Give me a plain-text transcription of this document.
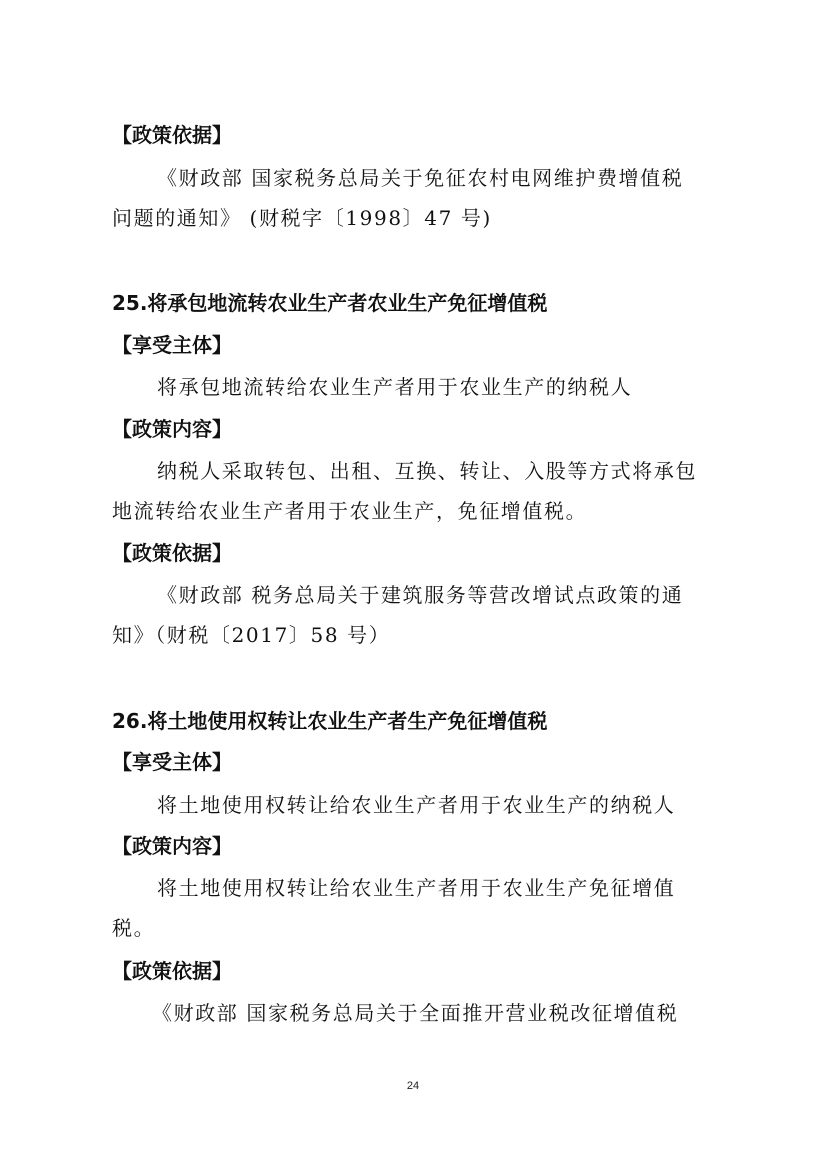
【政策依据】
《财政部 国家税务总局关于免征农村电网维护费增值税
问题的通知》 (财税字〔1998〕47 号)
25.将承包地流转农业生产者农业生产免征增值税
【享受主体】
将承包地流转给农业生产者用于农业生产的纳税人
【政策内容】
纳税人采取转包、出租、互换、转让、入股等方式将承包
地流转给农业生产者用于农业生产，免征增值税。
【政策依据】
《财政部 税务总局关于建筑服务等营改增试点政策的通
知》（财税〔2017〕58 号）
26.将土地使用权转让农业生产者生产免征增值税
【享受主体】
将土地使用权转让给农业生产者用于农业生产的纳税人
【政策内容】
将土地使用权转让给农业生产者用于农业生产免征增值
税。
【政策依据】
《财政部 国家税务总局关于全面推开营业税改征增值税
24
